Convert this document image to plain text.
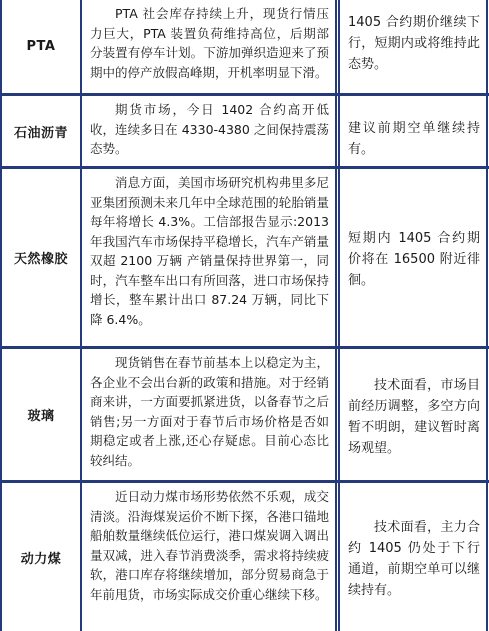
PTA
PTA 社会库存持续上升，现货行情压力巨大，PTA 装置负荷维持高位，后期部分装置有停车计划。下游加弹织造迎来了预期中的停产放假高峰期，开机率明显下滑。
1405 合约期价继续下行，短期内或将维持此态势。
石油沥青
期货市场，今日 1402 合约高开低收，连续多日在 4330-4380 之间保持震荡态势。
建议前期空单继续持有。
天然橡胶
消息方面，美国市场研究机构弗里多尼亚集团预测未来几年中全球范围的轮胎销量每年将增长 4.3%。工信部报告显示:2013 年我国汽车市场保持平稳增长，汽车产销量双超 2100 万辆 产销量保持世界第一，同时，汽车整车出口有所回落，进口市场保持增长，整车累计出口 87.24 万辆，同比下降 6.4%。
短期内 1405 合约期价将在 16500 附近徘徊。
玻璃
现货销售在春节前基本上以稳定为主，各企业不会出台新的政策和措施。对于经销商来讲，一方面要抓紧进货，以备春节之后销售;另一方面对于春节后市场价格是否如期稳定或者上涨,还心存疑虑。目前心态比较纠结。
技术面看，市场目前经历调整，多空方向暂不明朗，建议暂时离场观望。
动力煤
近日动力煤市场形势依然不乐观，成交清淡。沿海煤炭运价不断下探，各港口锚地船舶数量继续低位运行，港口煤炭调入调出量双减，进入春节消费淡季，需求将持续疲软，港口库存将继续增加，部分贸易商急于年前甩货，市场实际成交价重心继续下移。
技术面看，主力合约 1405 仍处于下行通道，前期空单可以继续持有。
